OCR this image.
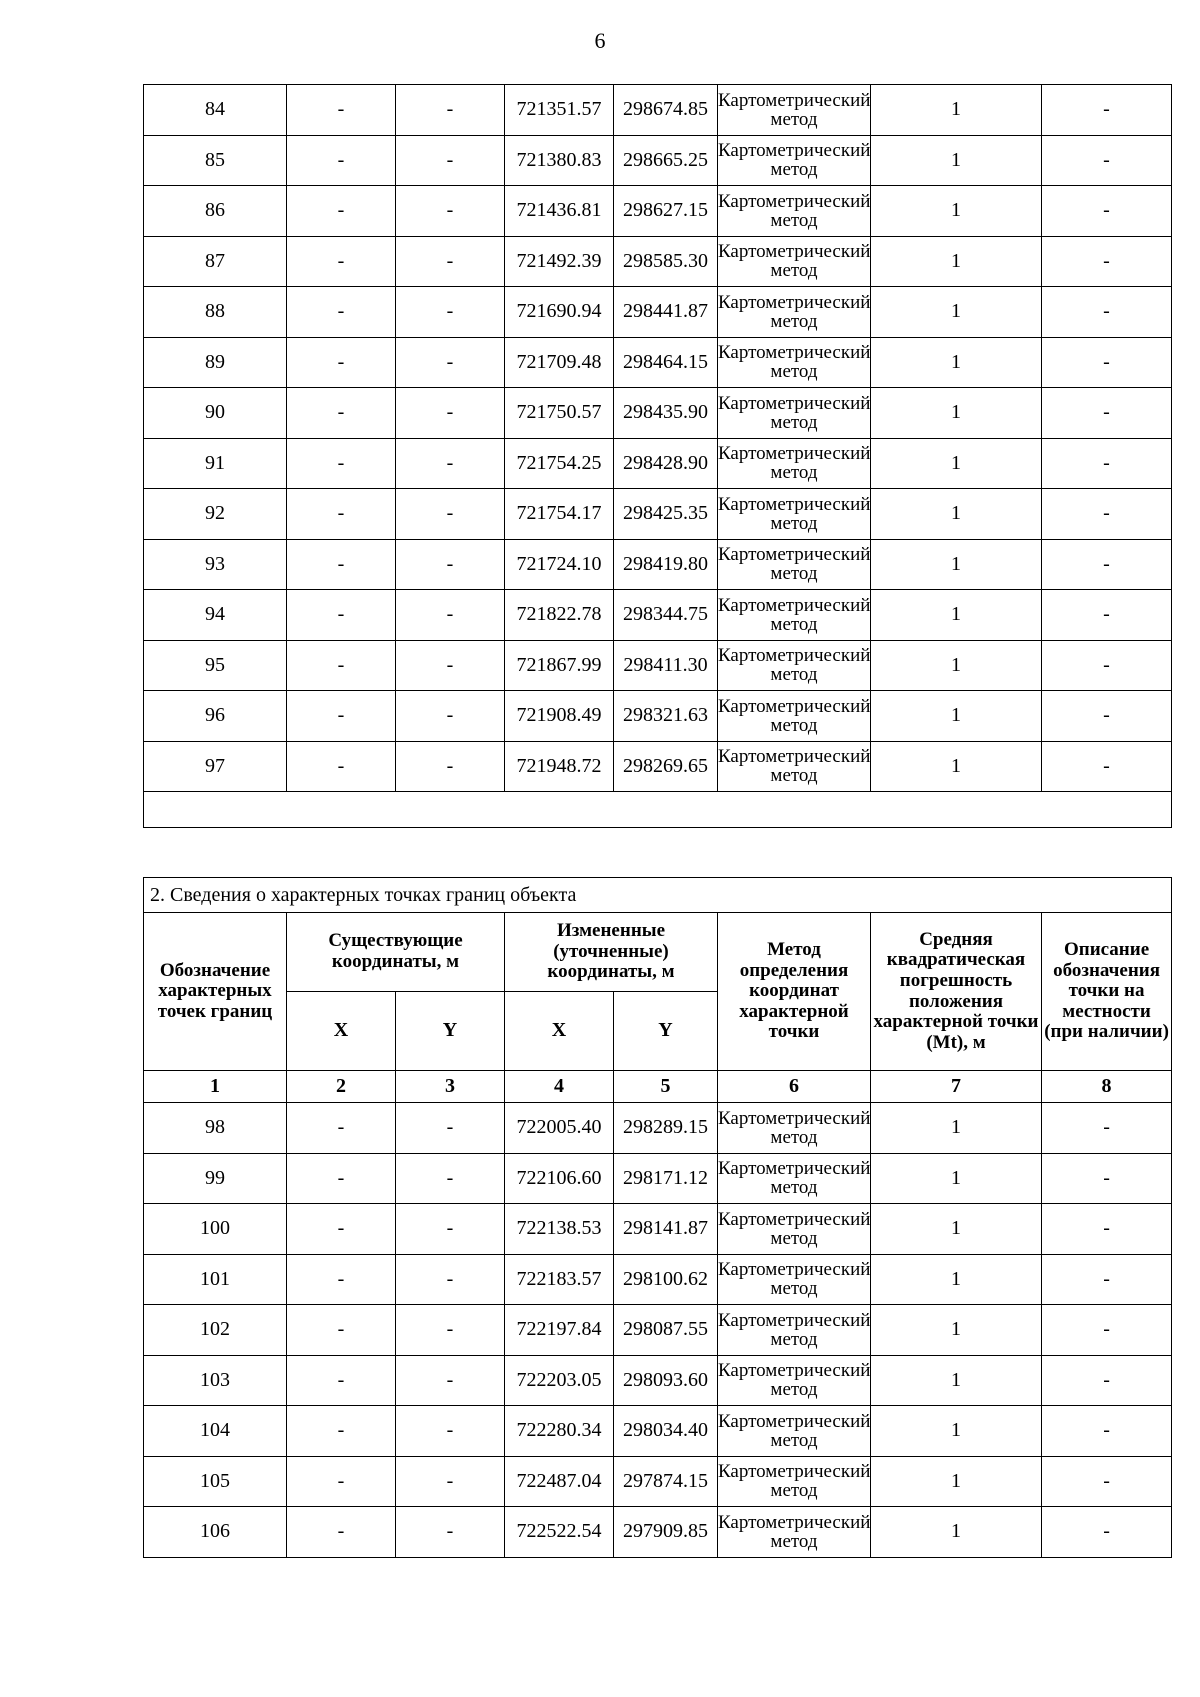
6
84	-	-	721351.57	298674.85	Картометрический метод	1	-
85	-	-	721380.83	298665.25	Картометрический метод	1	-
86	-	-	721436.81	298627.15	Картометрический метод	1	-
87	-	-	721492.39	298585.30	Картометрический метод	1	-
88	-	-	721690.94	298441.87	Картометрический метод	1	-
89	-	-	721709.48	298464.15	Картометрический метод	1	-
90	-	-	721750.57	298435.90	Картометрический метод	1	-
91	-	-	721754.25	298428.90	Картометрический метод	1	-
92	-	-	721754.17	298425.35	Картометрический метод	1	-
93	-	-	721724.10	298419.80	Картометрический метод	1	-
94	-	-	721822.78	298344.75	Картометрический метод	1	-
95	-	-	721867.99	298411.30	Картометрический метод	1	-
96	-	-	721908.49	298321.63	Картометрический метод	1	-
97	-	-	721948.72	298269.65	Картометрический метод	1	-

2. Сведения о характерных точках границ объекта							
Обозначение характерных точек границ	Существующие координаты, м		Измененные (уточненные) координаты, м		Метод определения координат характерной точки	Средняя квадратическая погрешность положения характерной точки (Mt), м	Описание обозначения точки на местности (при наличии)
	X	Y	X	Y			
1	2	3	4	5	6	7	8
98	-	-	722005.40	298289.15	Картометрический метод	1	-
99	-	-	722106.60	298171.12	Картометрический метод	1	-
100	-	-	722138.53	298141.87	Картометрический метод	1	-
101	-	-	722183.57	298100.62	Картометрический метод	1	-
102	-	-	722197.84	298087.55	Картометрический метод	1	-
103	-	-	722203.05	298093.60	Картометрический метод	1	-
104	-	-	722280.34	298034.40	Картометрический метод	1	-
105	-	-	722487.04	297874.15	Картометрический метод	1	-
106	-	-	722522.54	297909.85	Картометрический метод	1	-
